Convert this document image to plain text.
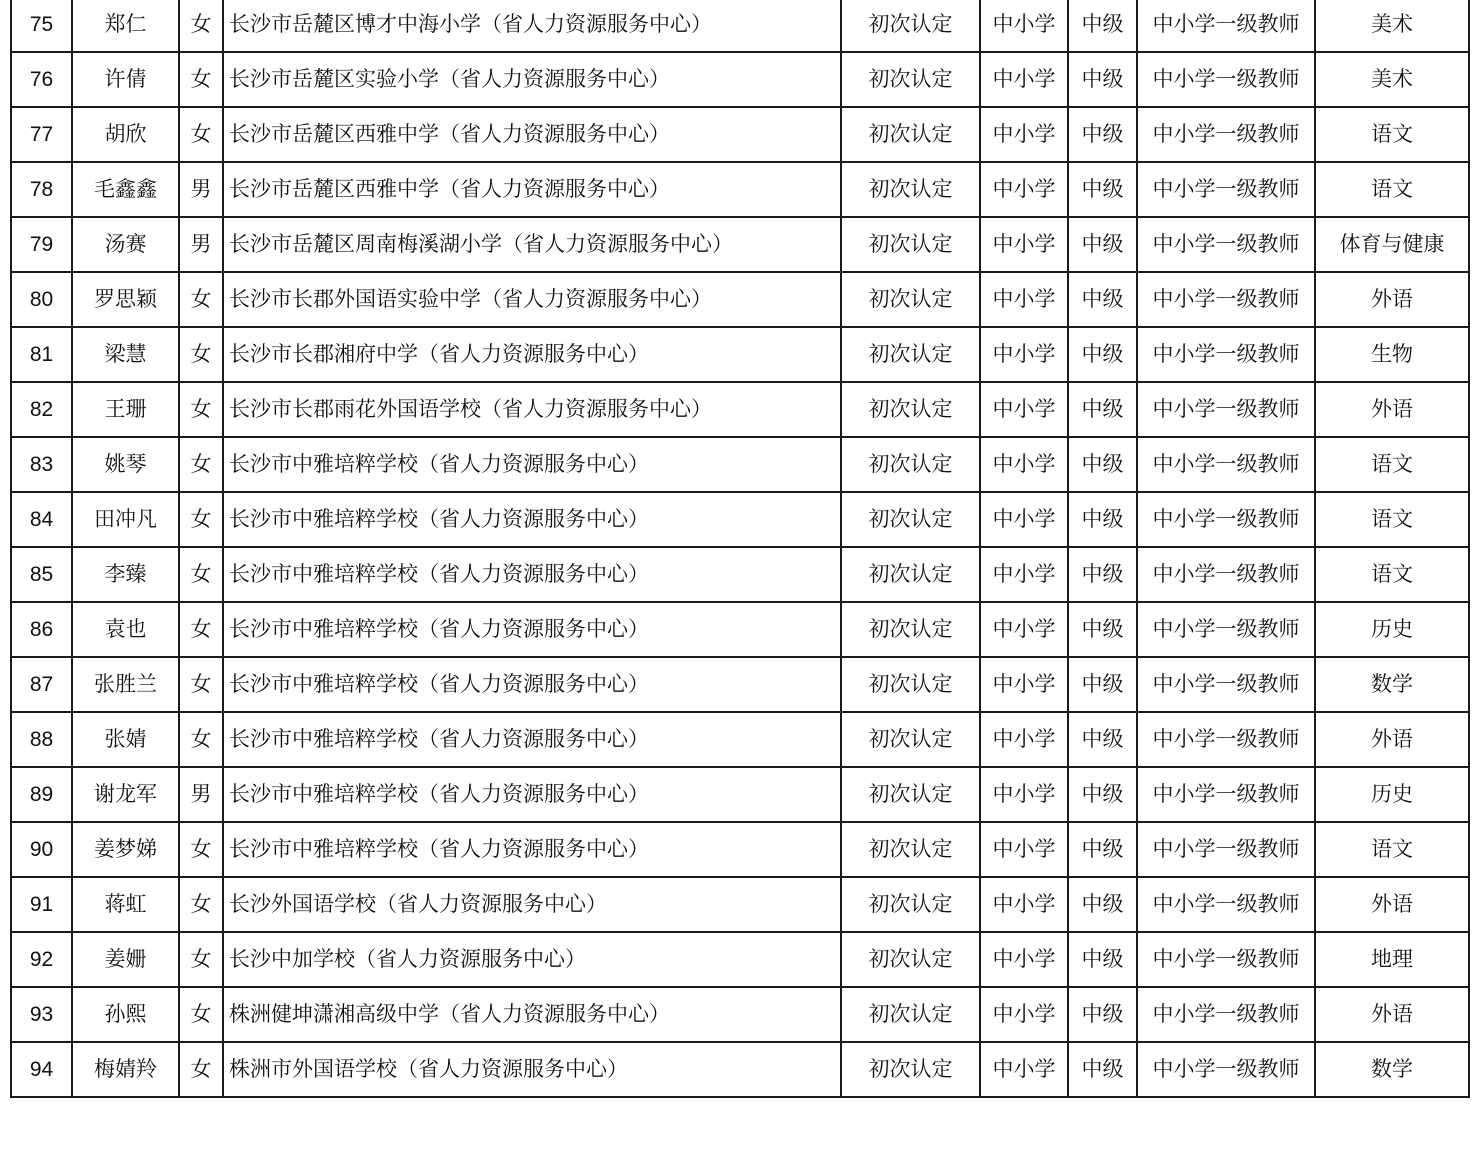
75	郑仁	女	长沙市岳麓区博才中海小学（省人力资源服务中心）	初次认定	中小学	中级	中小学一级教师	美术
76	许倩	女	长沙市岳麓区实验小学（省人力资源服务中心）	初次认定	中小学	中级	中小学一级教师	美术
77	胡欣	女	长沙市岳麓区西雅中学（省人力资源服务中心）	初次认定	中小学	中级	中小学一级教师	语文
78	毛鑫鑫	男	长沙市岳麓区西雅中学（省人力资源服务中心）	初次认定	中小学	中级	中小学一级教师	语文
79	汤赛	男	长沙市岳麓区周南梅溪湖小学（省人力资源服务中心）	初次认定	中小学	中级	中小学一级教师	体育与健康
80	罗思颖	女	长沙市长郡外国语实验中学（省人力资源服务中心）	初次认定	中小学	中级	中小学一级教师	外语
81	梁慧	女	长沙市长郡湘府中学（省人力资源服务中心）	初次认定	中小学	中级	中小学一级教师	生物
82	王珊	女	长沙市长郡雨花外国语学校（省人力资源服务中心）	初次认定	中小学	中级	中小学一级教师	外语
83	姚琴	女	长沙市中雅培粹学校（省人力资源服务中心）	初次认定	中小学	中级	中小学一级教师	语文
84	田冲凡	女	长沙市中雅培粹学校（省人力资源服务中心）	初次认定	中小学	中级	中小学一级教师	语文
85	李臻	女	长沙市中雅培粹学校（省人力资源服务中心）	初次认定	中小学	中级	中小学一级教师	语文
86	袁也	女	长沙市中雅培粹学校（省人力资源服务中心）	初次认定	中小学	中级	中小学一级教师	历史
87	张胜兰	女	长沙市中雅培粹学校（省人力资源服务中心）	初次认定	中小学	中级	中小学一级教师	数学
88	张婧	女	长沙市中雅培粹学校（省人力资源服务中心）	初次认定	中小学	中级	中小学一级教师	外语
89	谢龙军	男	长沙市中雅培粹学校（省人力资源服务中心）	初次认定	中小学	中级	中小学一级教师	历史
90	姜梦娣	女	长沙市中雅培粹学校（省人力资源服务中心）	初次认定	中小学	中级	中小学一级教师	语文
91	蒋虹	女	长沙外国语学校（省人力资源服务中心）	初次认定	中小学	中级	中小学一级教师	外语
92	姜姗	女	长沙中加学校（省人力资源服务中心）	初次认定	中小学	中级	中小学一级教师	地理
93	孙熙	女	株洲健坤潇湘高级中学（省人力资源服务中心）	初次认定	中小学	中级	中小学一级教师	外语
94	梅婧羚	女	株洲市外国语学校（省人力资源服务中心）	初次认定	中小学	中级	中小学一级教师	数学
